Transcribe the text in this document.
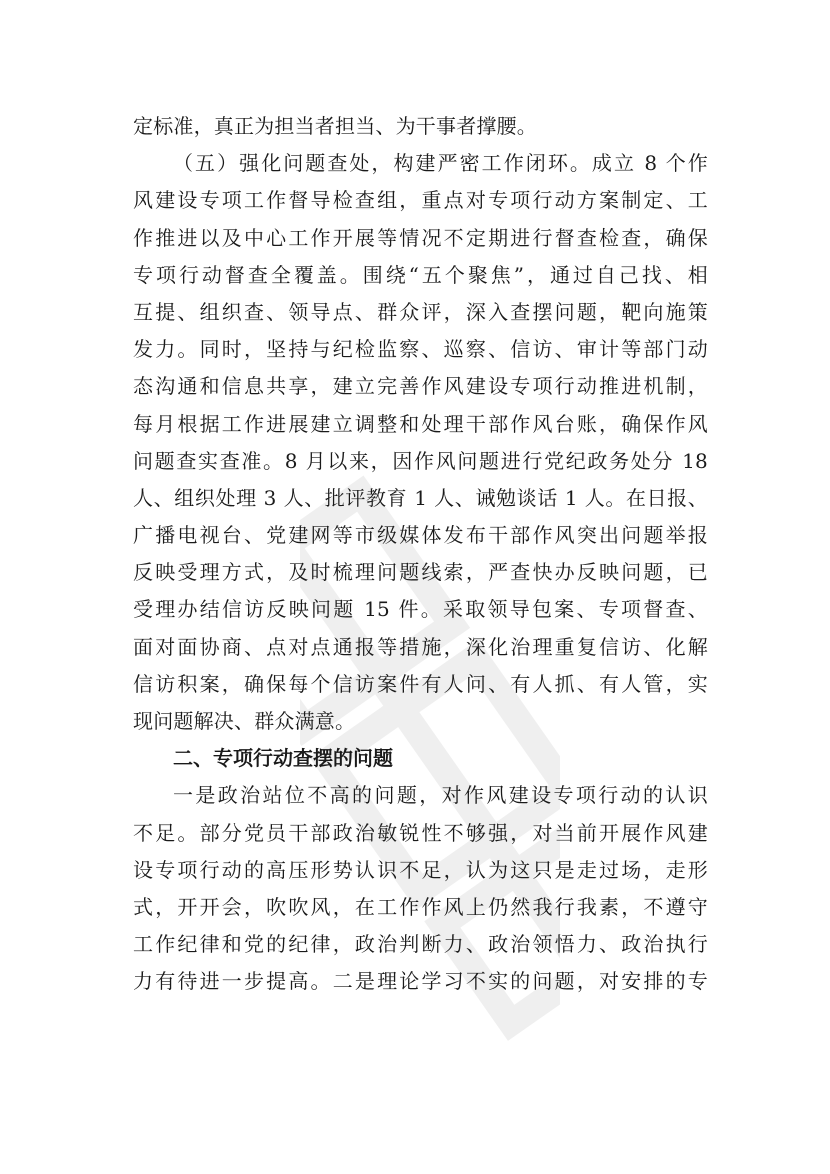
定标准，真正为担当者担当、为干事者撑腰。
（五）强化问题查处，构建严密工作闭环。成立 8 个作
风建设专项工作督导检查组，重点对专项行动方案制定、工
作推进以及中心工作开展等情况不定期进行督查检查，确保
专项行动督查全覆盖。围绕“五个聚焦”，通过自己找、相
互提、组织查、领导点、群众评，深入查摆问题，靶向施策
发力。同时，坚持与纪检监察、巡察、信访、审计等部门动
态沟通和信息共享，建立完善作风建设专项行动推进机制，
每月根据工作进展建立调整和处理干部作风台账，确保作风
问题查实查准。8 月以来，因作风问题进行党纪政务处分 18
人、组织处理 3 人、批评教育 1 人、诫勉谈话 1 人。在日报、
广播电视台、党建网等市级媒体发布干部作风突出问题举报
反映受理方式，及时梳理问题线索，严查快办反映问题，已
受理办结信访反映问题 15 件。采取领导包案、专项督查、
面对面协商、点对点通报等措施，深化治理重复信访、化解
信访积案，确保每个信访案件有人问、有人抓、有人管，实
现问题解决、群众满意。
二、专项行动查摆的问题
一是政治站位不高的问题，对作风建设专项行动的认识
不足。部分党员干部政治敏锐性不够强，对当前开展作风建
设专项行动的高压形势认识不足，认为这只是走过场，走形
式，开开会，吹吹风，在工作作风上仍然我行我素，不遵守
工作纪律和党的纪律，政治判断力、政治领悟力、政治执行
力有待进一步提高。二是理论学习不实的问题，对安排的专
